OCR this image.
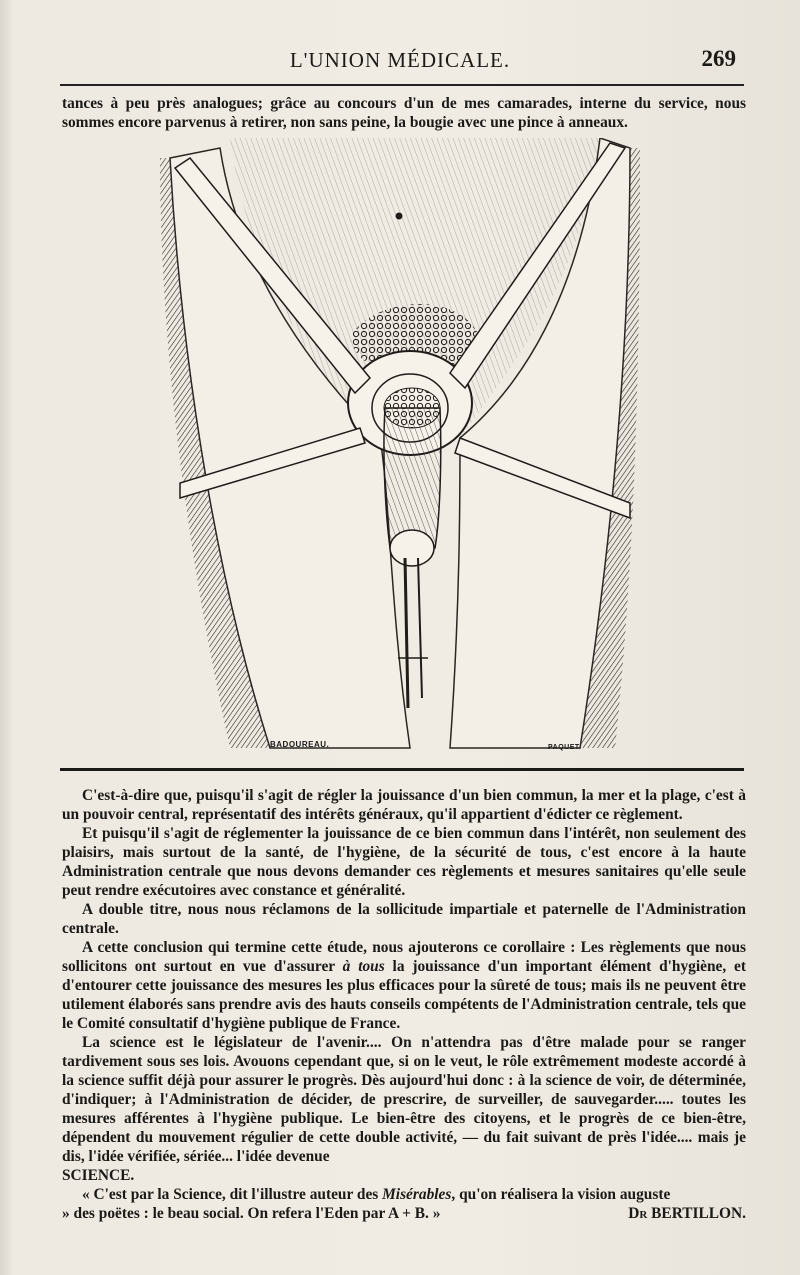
L'UNION MÉDICALE.	269

tances à peu près analogues; grâce au concours d'un de mes camarades, interne du service, nous sommes encore parvenus à retirer, non sans peine, la bougie avec une pince à anneaux.

BADOUREAU.	PAQUET.

C'est-à-dire que, puisqu'il s'agit de régler la jouissance d'un bien commun, la mer et la plage, c'est à un pouvoir central, représentatif des intérêts généraux, qu'il appartient d'édicter ce règlement.

Et puisqu'il s'agit de réglementer la jouissance de ce bien commun dans l'intérêt, non seulement des plaisirs, mais surtout de la santé, de l'hygiène, de la sécurité de tous, c'est encore à la haute Administration centrale que nous devons demander ces règlements et mesures sanitaires qu'elle seule peut rendre exécutoires avec constance et généralité.

A double titre, nous nous réclamons de la sollicitude impartiale et paternelle de l'Administration centrale.

A cette conclusion qui termine cette étude, nous ajouterons ce corollaire : Les règlements que nous sollicitons ont surtout en vue d'assurer à tous la jouissance d'un important élément d'hygiène, et d'entourer cette jouissance des mesures les plus efficaces pour la sûreté de tous; mais ils ne peuvent être utilement élaborés sans prendre avis des hauts conseils compétents de l'Administration centrale, tels que le Comité consultatif d'hygiène publique de France.

La science est le législateur de l'avenir.... On n'attendra pas d'être malade pour se ranger tardivement sous ses lois. Avouons cependant que, si on le veut, le rôle extrêmement modeste accordé à la science suffit déjà pour assurer le progrès. Dès aujourd'hui donc : à la science de voir, de déterminée, d'indiquer; à l'Administration de décider, de prescrire, de surveiller, de sauvegarder..... toutes les mesures afférentes à l'hygiène publique. Le bien-être des citoyens, et le progrès de ce bien-être, dépendent du mouvement régulier de cette double activité, — du fait suivant de près l'idée.... mais je dis, l'idée vérifiée, sériée... l'idée devenue

SCIENCE.

« C'est par la Science, dit l'illustre auteur des Misérables, qu'on réalisera la vision auguste

» des poëtes : le beau social. On refera l'Eden par A + B. »	Dr BERTILLON.
